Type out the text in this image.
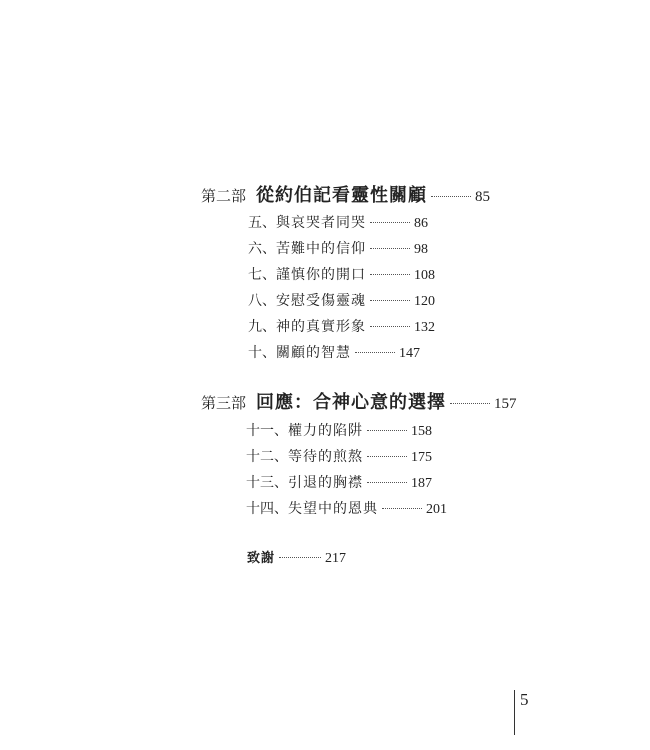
第二部 從約伯記看靈性關顧	85
五、 與哀哭者同哭	86
六、 苦難中的信仰	98
七、 謹慎你的開口	108
八、 安慰受傷靈魂	120
九、 神的真實形象	132
十、 關顧的智慧	147
第三部 回應：合神心意的選擇	157
十一、 權力的陷阱	158
十二、 等待的煎熬	175
十三、 引退的胸襟	187
十四、 失望中的恩典	201
致謝	217
5
